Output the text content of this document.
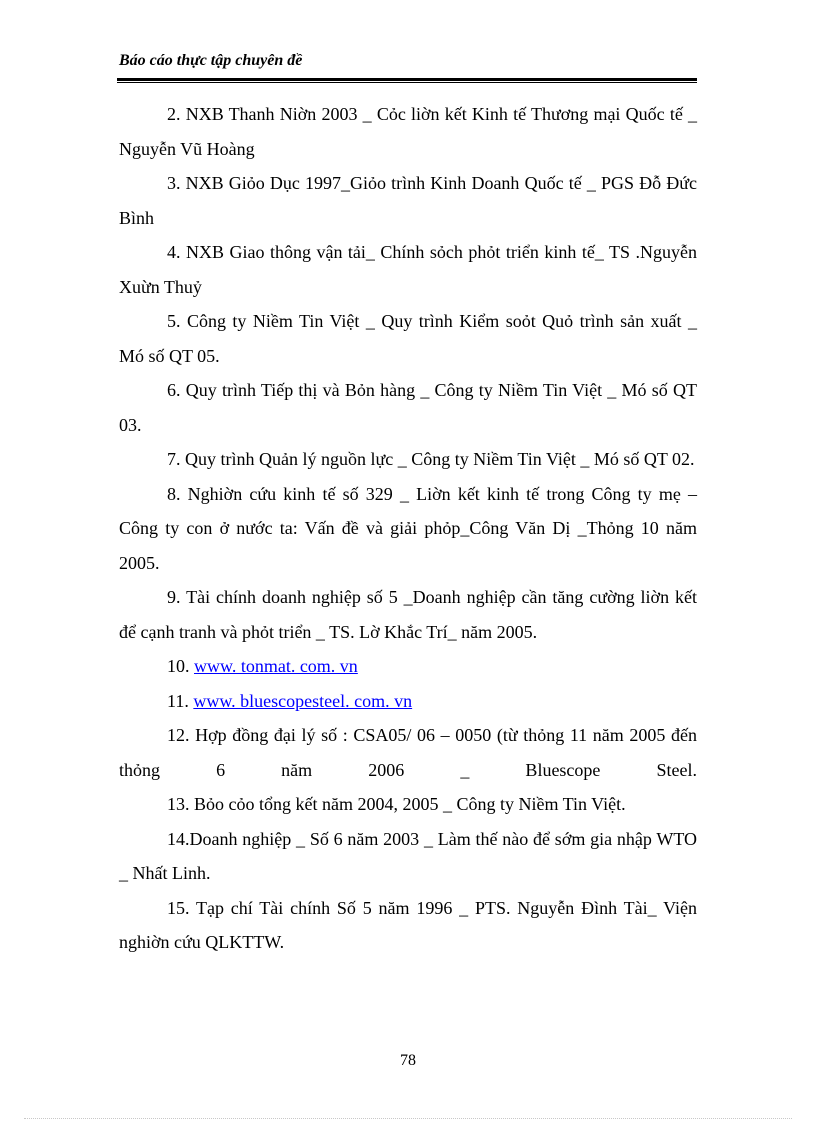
Báo cáo thực tập chuyên đề

2. NXB Thanh Niờn 2003 _ Cỏc liờn kết Kinh tế Thương mại Quốc tế _ Nguyễn Vũ Hoàng

3. NXB Giỏo Dục 1997_Giỏo trình Kinh Doanh Quốc tế _ PGS Đỗ Đức Bình

4. NXB Giao thông vận tải_ Chính sỏch phỏt triển kinh tế_ TS .Nguyễn Xuừn Thuỷ

5. Công ty Niềm Tin Việt _ Quy trình Kiểm soỏt Quỏ trình sản xuất _ Mó số QT 05.

6. Quy trình Tiếp thị và Bỏn hàng _ Công ty Niềm Tin Việt _ Mó số QT 03.

7. Quy trình Quản lý nguồn lực _ Công ty Niềm Tin Việt _ Mó số QT 02.

8. Nghiờn cứu kinh tế số 329 _ Liờn kết kinh tế trong Công ty mẹ – Công ty con ở nước ta: Vấn đề và giải phỏp_Công Văn Dị _Thỏng 10 năm 2005.

9. Tài chính doanh nghiệp số 5 _Doanh nghiệp cần tăng cường liờn kết để cạnh tranh và phỏt triển _ TS. Lờ Khắc Trí_ năm 2005.

10. www. tonmat. com. vn

11. www. bluescopesteel. com. vn

12. Hợp đồng đại lý số : CSA05/ 06 – 0050 (từ thỏng 11 năm 2005 đến thỏng 6 năm 2006 _ Bluescope Steel.

13. Bỏo cỏo tổng kết năm 2004, 2005 _ Công ty Niềm Tin Việt.

14.Doanh nghiệp _ Số 6 năm 2003 _ Làm thế nào để sớm gia nhập WTO _ Nhất Linh.

15. Tạp chí Tài chính Số 5 năm 1996 _ PTS. Nguyễn Đình Tài_ Viện nghiờn cứu QLKTTW.

78
